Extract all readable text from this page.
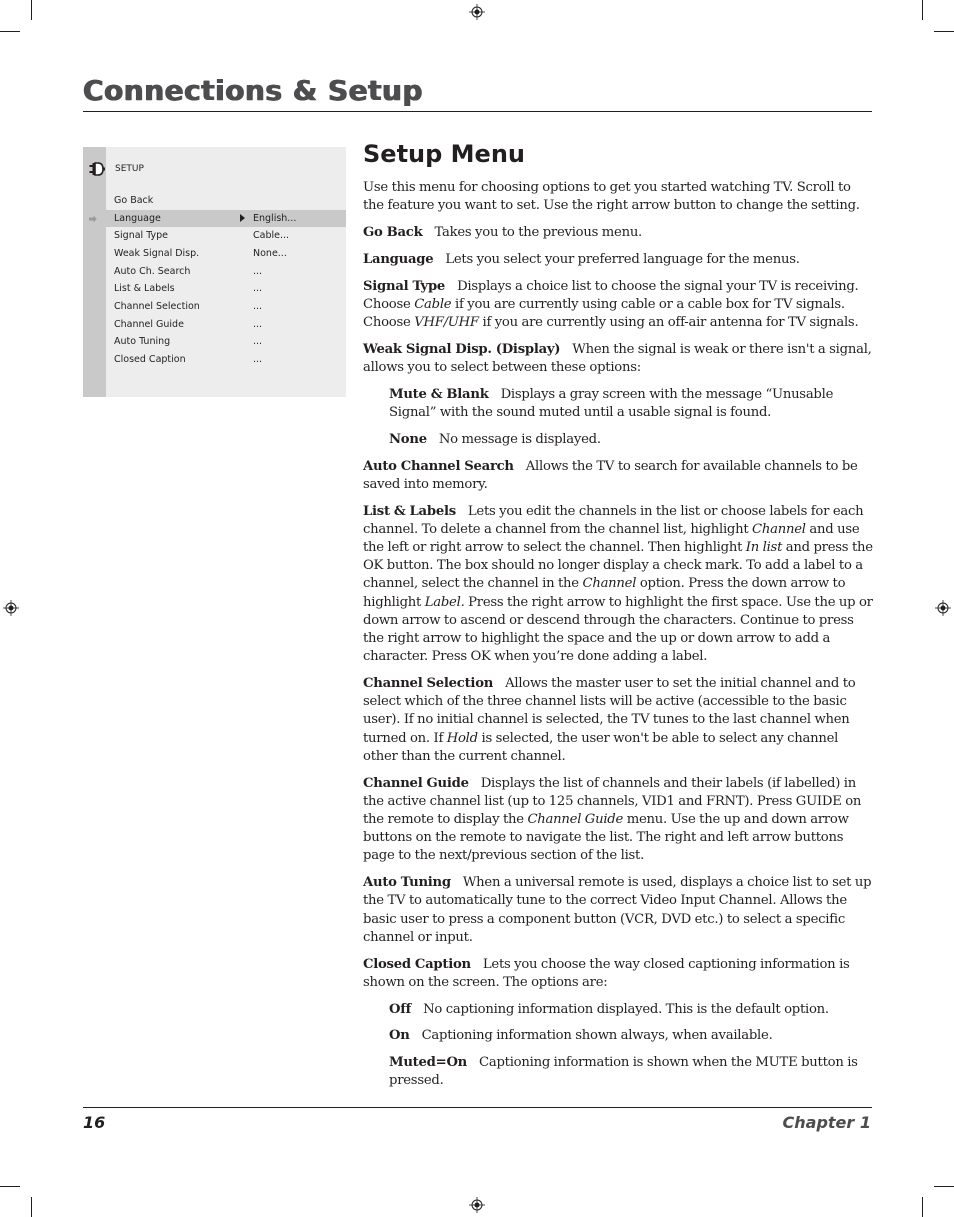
Connections & Setup
SETUP
Go Back
Language	English...
Signal Type	Cable...
Weak Signal Disp.	None...
Auto Ch. Search	...
List & Labels	...
Channel Selection	...
Channel Guide	...
Auto Tuning	...
Closed Caption	...
Setup Menu

Use this menu for choosing options to get you started watching TV. Scroll to the feature you want to set. Use the right arrow button to change the setting.

Go Back Takes you to the previous menu.

Language Lets you select your preferred language for the menus.

Signal Type Displays a choice list to choose the signal your TV is receiving. Choose Cable if you are currently using cable or a cable box for TV signals. Choose VHF/UHF if you are currently using an off-air antenna for TV signals.

Weak Signal Disp. (Display) When the signal is weak or there isn't a signal, allows you to select between these options:

Mute & Blank Displays a gray screen with the message “Unusable Signal” with the sound muted until a usable signal is found.

None No message is displayed.

Auto Channel Search Allows the TV to search for available channels to be saved into memory.

List & Labels Lets you edit the channels in the list or choose labels for each channel. To delete a channel from the channel list, highlight Channel and use the left or right arrow to select the channel. Then highlight In list and press the OK button. The box should no longer display a check mark. To add a label to a channel, select the channel in the Channel option. Press the down arrow to highlight Label. Press the right arrow to highlight the first space. Use the up or down arrow to ascend or descend through the characters. Continue to press the right arrow to highlight the space and the up or down arrow to add a character. Press OK when you’re done adding a label.

Channel Selection Allows the master user to set the initial channel and to select which of the three channel lists will be active (accessible to the basic user). If no initial channel is selected, the TV tunes to the last channel when turned on. If Hold is selected, the user won't be able to select any channel other than the current channel.

Channel Guide Displays the list of channels and their labels (if labelled) in the active channel list (up to 125 channels, VID1 and FRNT). Press GUIDE on the remote to display the Channel Guide menu. Use the up and down arrow buttons on the remote to navigate the list. The right and left arrow buttons page to the next/previous section of the list.

Auto Tuning When a universal remote is used, displays a choice list to set up the TV to automatically tune to the correct Video Input Channel. Allows the basic user to press a component button (VCR, DVD etc.) to select a specific channel or input.

Closed Caption Lets you choose the way closed captioning information is shown on the screen. The options are:

Off No captioning information displayed. This is the default option.

On Captioning information shown always, when available.

Muted=On Captioning information is shown when the MUTE button is pressed.

16	Chapter 1
